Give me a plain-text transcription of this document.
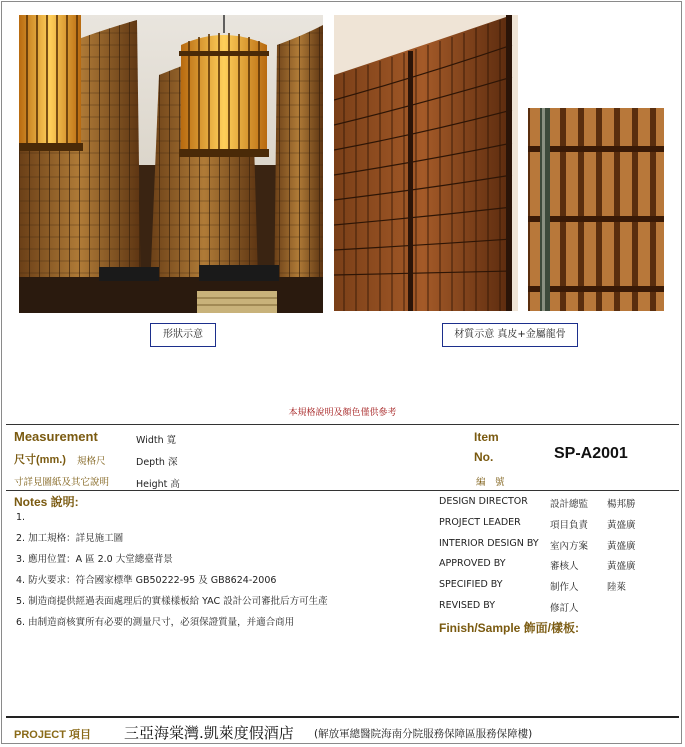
形狀示意	材質示意 真皮+金屬龍骨
本規格說明及顏色僅供參考
Measurement
尺寸(mm.) 規格尺
寸詳見圖紙及其它說明
Width 寬
Depth 深
Height 高
Item
No.
編　號
SP-A2001
Notes 說明:
1.
2. 加工規格：詳見施工圖
3. 應用位置：A 區 2.0 大堂總臺背景
4. 防火要求：符合國家標準 GB50222-95 及 GB8624-2006
5. 制造商提供經過表面處理后的實樣樣板給 YAC 設計公司審批后方可生產
6. 由制造商核實所有必要的測量尺寸，必須保證質量，并適合商用
DESIGN DIRECTOR 設計總監 楊邦勝
PROJECT LEADER	項目負責 黃盛廣
INTERIOR DESIGN BY 室內方案 黃盛廣
APPROVED BY	審核人	黃盛廣
SPECIFIED BY	制作人	陸萊
REVISED BY	修訂人
Finish/Sample 飾面/樣板:
PROJECT 項目 三亞海棠灣.凱萊度假酒店 (解放軍總醫院海南分院服務保障區服務保障樓)
